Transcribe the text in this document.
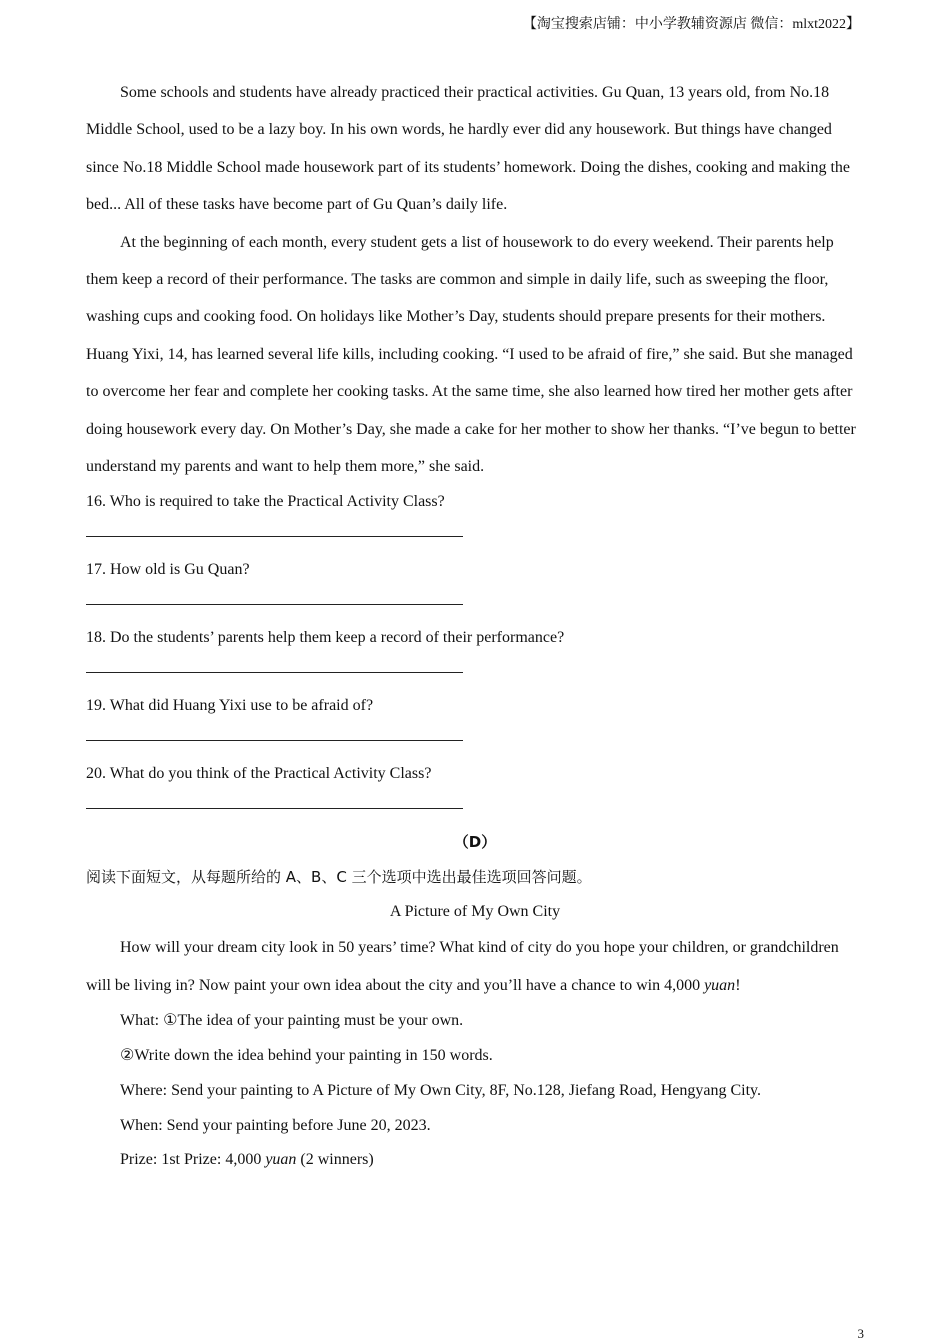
【淘宝搜索店铺：中小学教辅资源店 微信：mlxt2022】

Some schools and students have already practiced their practical activities. Gu Quan, 13 years old, from No.18 Middle School, used to be a lazy boy. In his own words, he hardly ever did any housework. But things have changed since No.18 Middle School made housework part of its students’ homework. Doing the dishes, cooking and making the bed... All of these tasks have become part of Gu Quan’s daily life.

At the beginning of each month, every student gets a list of housework to do every weekend. Their parents help them keep a record of their performance. The tasks are common and simple in daily life, such as sweeping the floor, washing cups and cooking food. On holidays like Mother’s Day, students should prepare presents for their mothers. Huang Yixi, 14, has learned several life kills, including cooking. “I used to be afraid of fire,” she said. But she managed to overcome her fear and complete her cooking tasks. At the same time, she also learned how tired her mother gets after doing housework every day. On Mother’s Day, she made a cake for her mother to show her thanks. “I’ve begun to better understand my parents and want to help them more,” she said.

16. Who is required to take the Practical Activity Class?

17. How old is Gu Quan?

18. Do the students’ parents help them keep a record of their performance?

19. What did Huang Yixi use to be afraid of?

20. What do you think of the Practical Activity Class?

（D）

阅读下面短文，从每题所给的 A、B、C 三个选项中选出最佳选项回答问题。

A Picture of My Own City

How will your dream city look in 50 years’ time? What kind of city do you hope your children, or grandchildren will be living in? Now paint your own idea about the city and you’ll have a chance to win 4,000 yuan!

What: ①The idea of your painting must be your own.

②Write down the idea behind your painting in 150 words.

Where: Send your painting to A Picture of My Own City, 8F, No.128, Jiefang Road, Hengyang City.

When: Send your painting before June 20, 2023.

Prize: 1st Prize: 4,000 yuan (2 winners)

3
